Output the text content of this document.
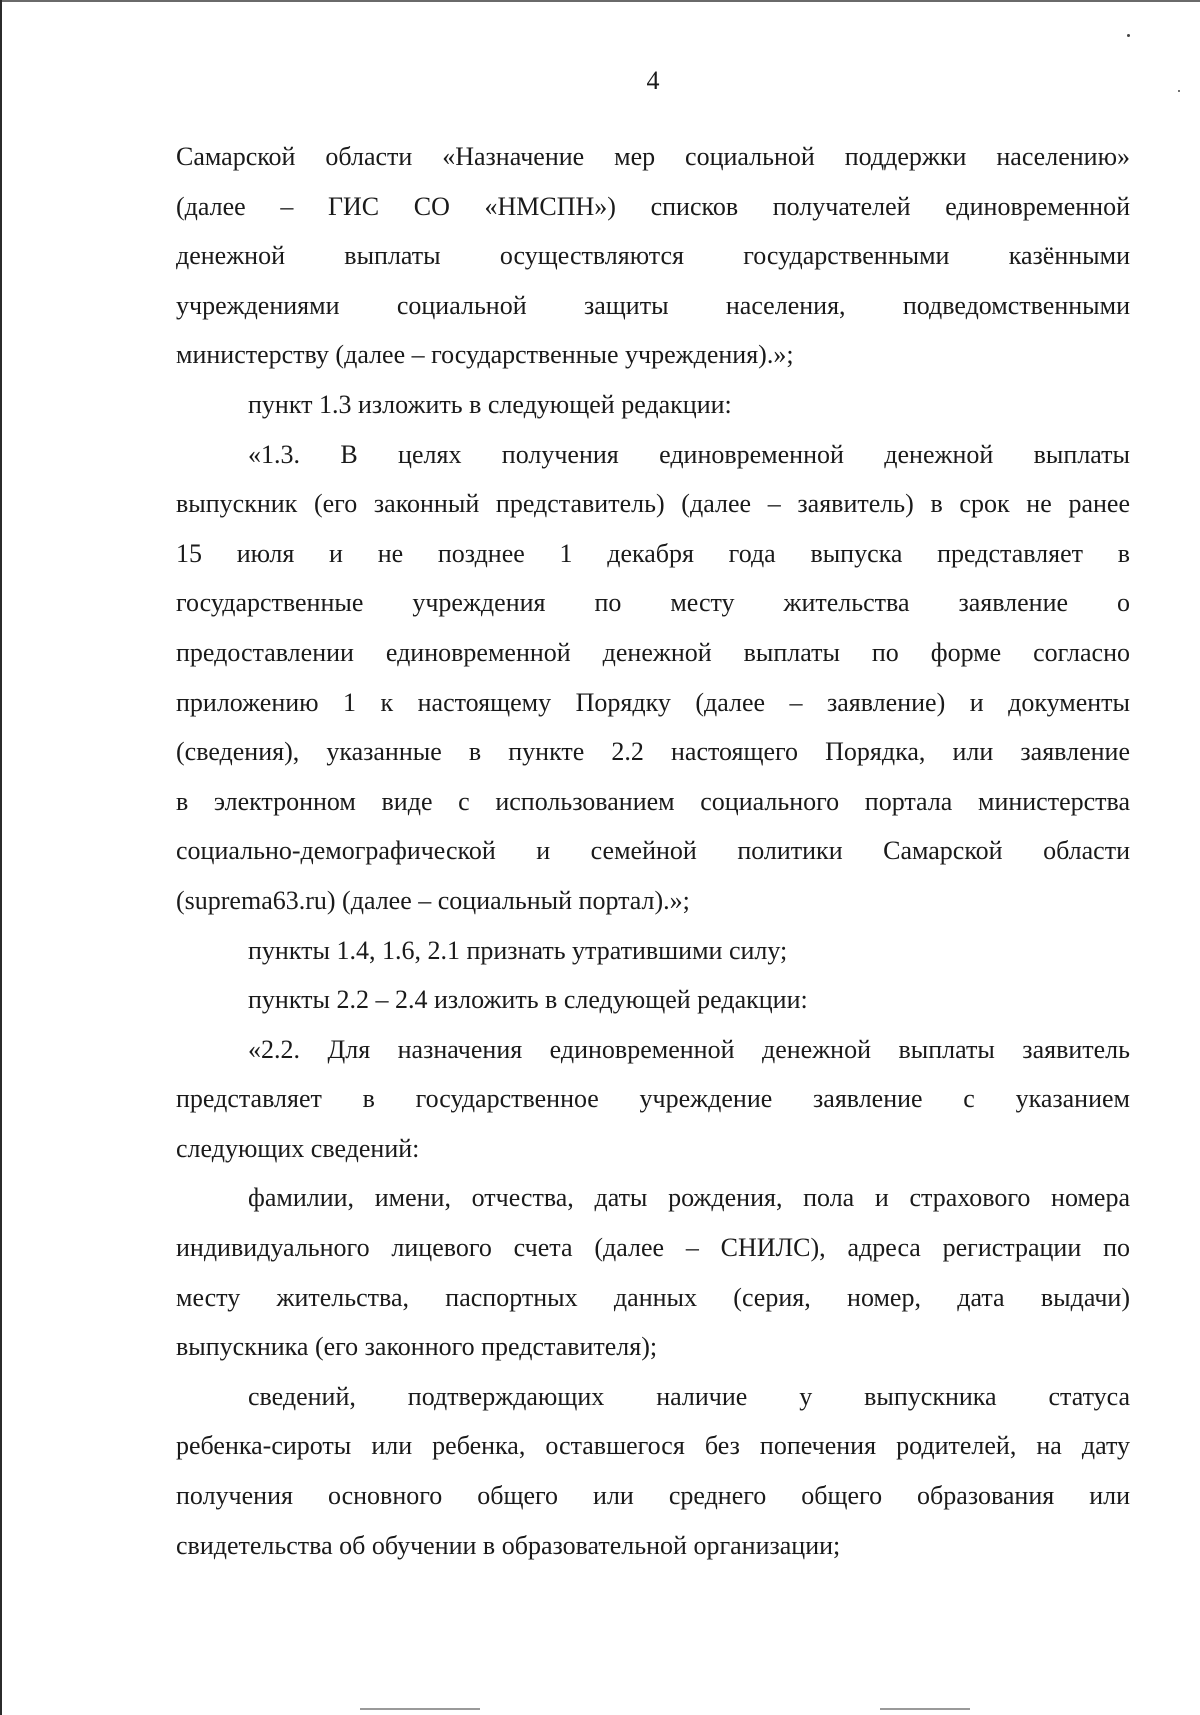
4
Самарской области «Назначение мер социальной поддержки населению»
(далее – ГИС СО «НМСПН») списков получателей единовременной
денежной выплаты осуществляются государственными казёнными
учреждениями социальной защиты населения, подведомственными
министерству (далее – государственные учреждения).»;
пункт 1.3 изложить в следующей редакции:
«1.3. В целях получения единовременной денежной выплаты
выпускник (его законный представитель) (далее – заявитель) в срок не ранее
15 июля и не позднее 1 декабря года выпуска представляет в
государственные учреждения по месту жительства заявление о
предоставлении единовременной денежной выплаты по форме согласно
приложению 1 к настоящему Порядку (далее – заявление) и документы
(сведения), указанные в пункте 2.2 настоящего Порядка, или заявление
в электронном виде с использованием социального портала министерства
социально-демографической и семейной политики Самарской области
(suprema63.ru) (далее – социальный портал).»;
пункты 1.4, 1.6, 2.1 признать утратившими силу;
пункты 2.2 – 2.4 изложить в следующей редакции:
«2.2. Для назначения единовременной денежной выплаты заявитель
представляет в государственное учреждение заявление с указанием
следующих сведений:
фамилии, имени, отчества, даты рождения, пола и страхового номера
индивидуального лицевого счета (далее – СНИЛС), адреса регистрации по
месту жительства, паспортных данных (серия, номер, дата выдачи)
выпускника (его законного представителя);
сведений, подтверждающих наличие у выпускника статуса
ребенка-сироты или ребенка, оставшегося без попечения родителей, на дату
получения основного общего или среднего общего образования или
свидетельства об обучении в образовательной организации;
